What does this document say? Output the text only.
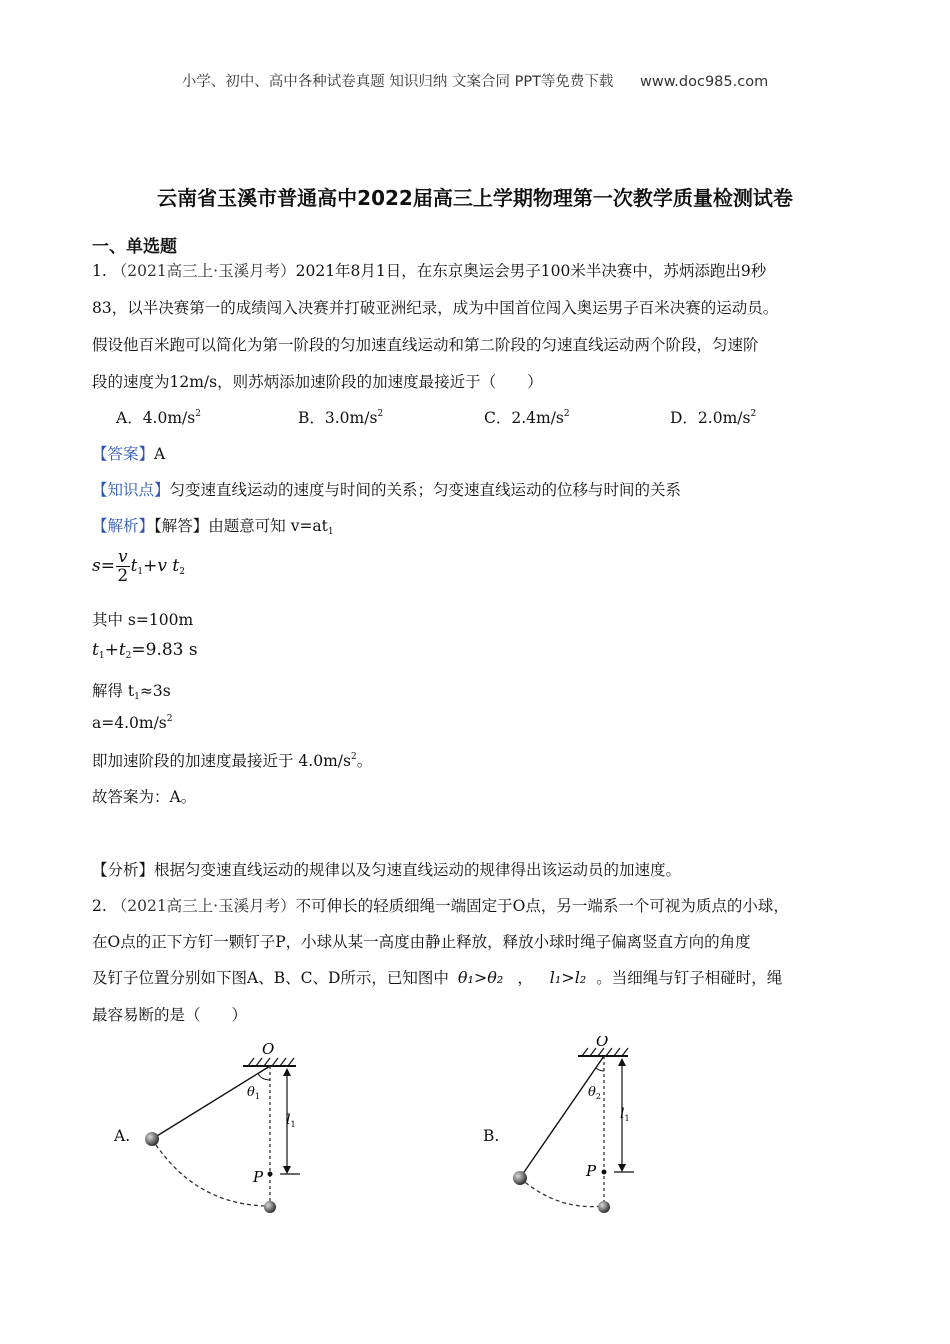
小学、初中、高中各种试卷真题 知识归纳 文案合同 PPT等免费下载 www.doc985.com
云南省玉溪市普通高中2022届高三上学期物理第一次教学质量检测试卷
一、单选题
1. （2021高三上·玉溪月考）2021年8月1日，在东京奥运会男子100米半决赛中，苏炳添跑出9秒
83，以半决赛第一的成绩闯入决赛并打破亚洲纪录，成为中国首位闯入奥运男子百米决赛的运动员。
假设他百米跑可以简化为第一阶段的匀加速直线运动和第二阶段的匀速直线运动两个阶段，匀速阶
段的速度为12m/s，则苏炳添加速阶段的加速度最接近于（　　）
A．$4.0m/s^2$	B．$3.0m/s^2$	C．$2.4m/s^2$	D．$2.0m/s^2$
【答案】A
【知识点】匀变速直线运动的速度与时间的关系；匀变速直线运动的位移与时间的关系
【解析】【解答】由题意可知 $v=at_1$
$s= \frac{v}{2} t_1+v$ $t_2$
其中 s=100m
$t_1+t_2=9.83$ s
解得 $t_1\approx 3s$
$a=4.0m/s^2$
即加速阶段的加速度最接近于 $4.0m/s^2$。
故答案为：A。
【分析】根据匀变速直线运动的规律以及匀速直线运动的规律得出该运动员的加速度。
2. （2021高三上·玉溪月考）不可伸长的轻质细绳一端固定于O点，另一端系一个可视为质点的小球，
在O点的正下方钉一颗钉子P，小球从某一高度由静止释放，释放小球时绳子偏离竖直方向的角度
及钉子位置分别如下图A、B、C、D所示，已知图中 θ₁>θ₂ ， l₁>l₂ 。当细绳与钉子相碰时，绳
最容易断的是（　　）
O
$\theta_1$
$l_1$
P
A.
O
$\theta_2$
$l_1$
P
B.
